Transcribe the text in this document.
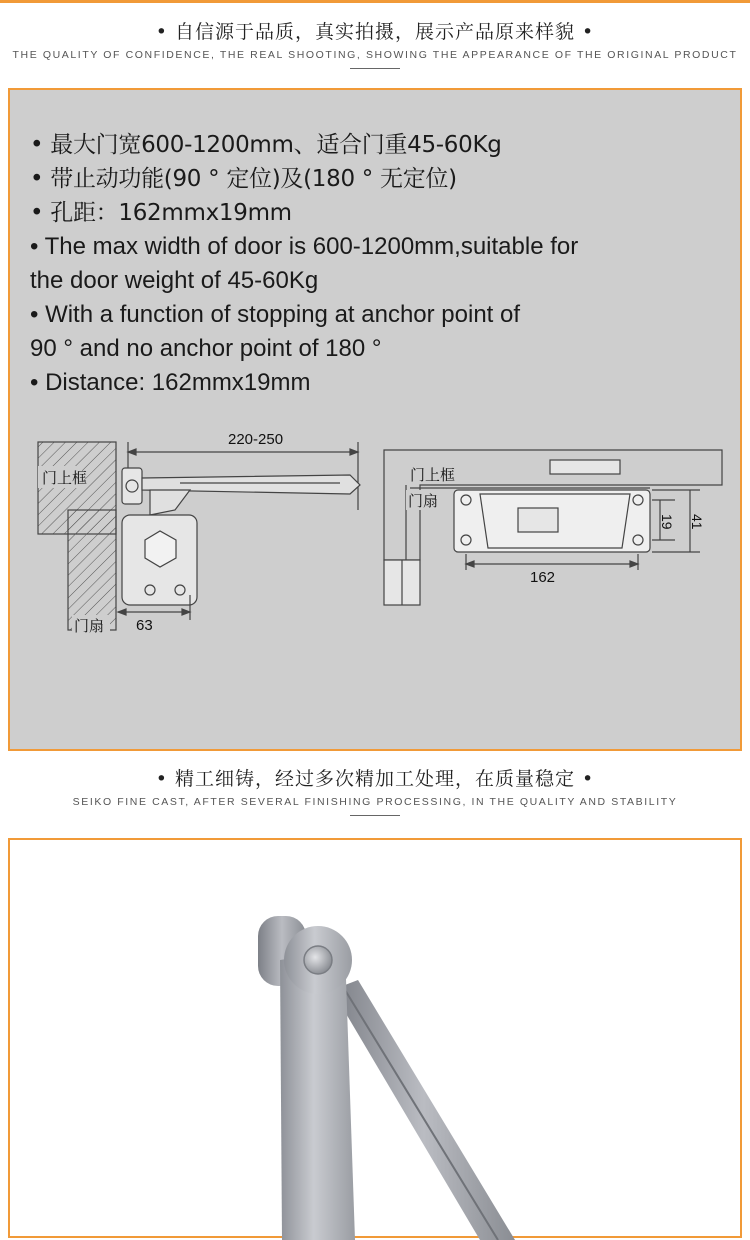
• 自信源于品质，真实拍摄，展示产品原来样貌 •
THE QUALITY OF CONFIDENCE, THE REAL SHOOTING, SHOWING THE APPEARANCE OF THE ORIGINAL PRODUCT
• 最大门宽600-1200mm、适合门重45-60Kg
• 带止动功能(90 ° 定位)及(180 ° 无定位)
• 孔距：162mmx19mm
• The max width of door is 600-1200mm,suitable for
the door weight of 45-60Kg
• With a function of stopping at anchor point of
90 ° and no anchor point of 180 °
• Distance: 162mmx19mm
门上框
220-250
门扇 63
门上框
门扇
162
19 41
• 精工细铸，经过多次精加工处理，在质量稳定 •
SEIKO FINE CAST, AFTER SEVERAL FINISHING PROCESSING, IN THE QUALITY AND STABILITY
